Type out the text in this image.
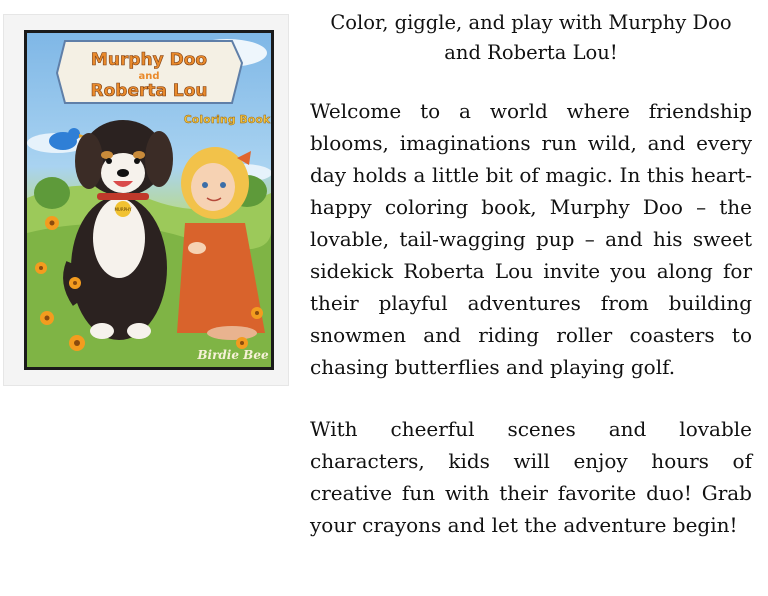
Murphy Doo
and
Roberta Lou
Coloring Book
MURPHY
Birdie Bee

Color, giggle, and play with Murphy Doo and Roberta Lou!

Welcome to a world where friendship blooms, imaginations run wild, and every day holds a little bit of magic. In this heart-happy coloring book, Murphy Doo – the lovable, tail-wagging pup – and his sweet sidekick Roberta Lou invite you along for their playful adventures from building snowmen and riding roller coasters to chasing butterflies and playing golf.

With cheerful scenes and lovable characters, kids will enjoy hours of creative fun with their favorite duo! Grab your crayons and let the adventure begin!
